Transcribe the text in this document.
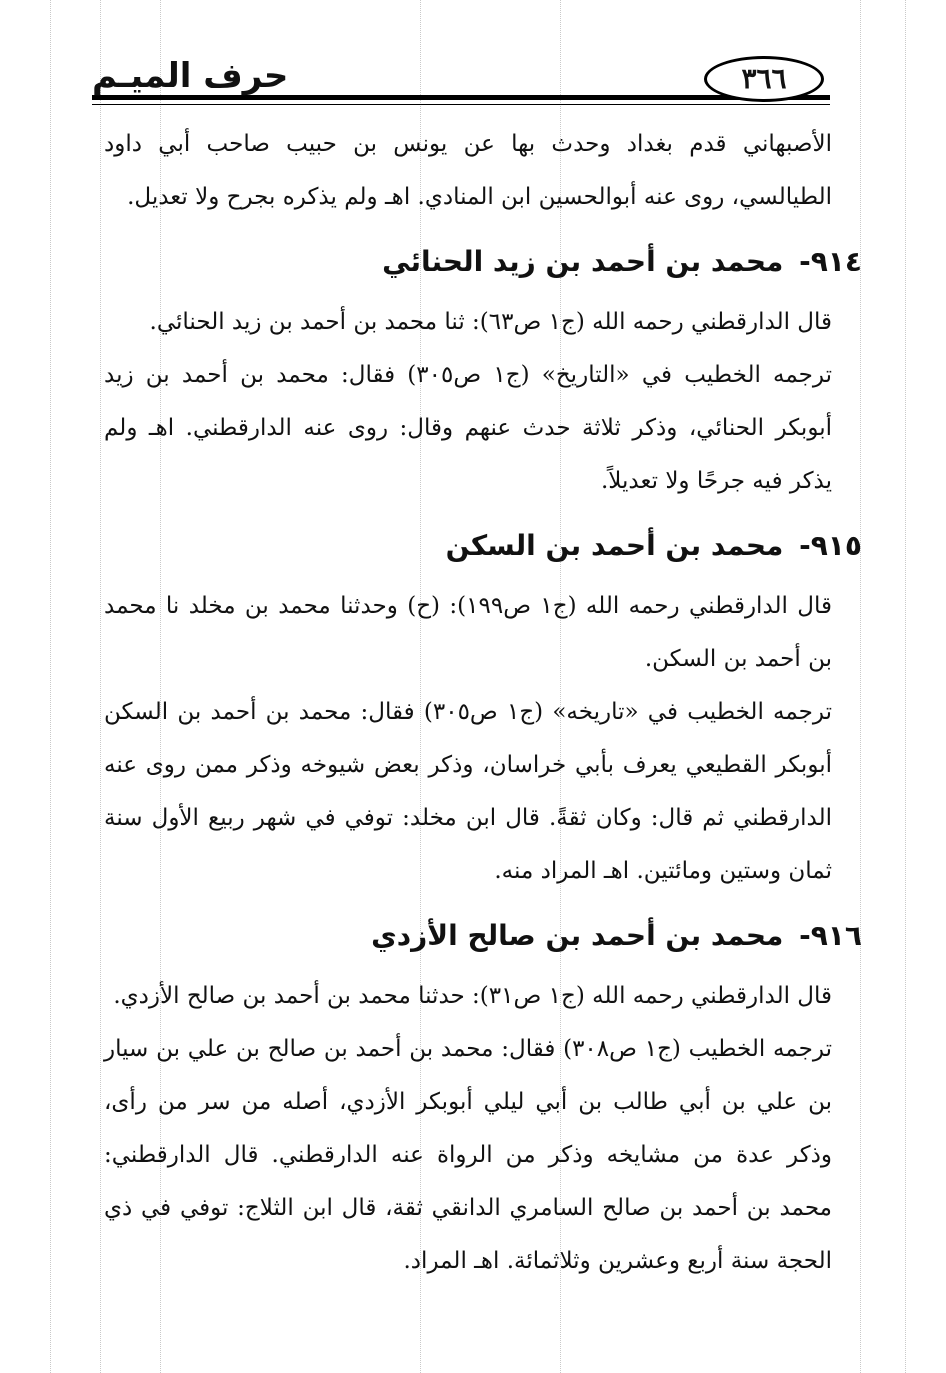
حرف الميـم	٣٦٦

الأصبهاني قدم بغداد وحدث بها عن يونس بن حبيب صاحب أبي داود الطيالسي، روى عنه أبوالحسين ابن المنادي. اهـ ولم يذكره بجرح ولا تعديل.

٩١٤- محمد بن أحمد بن زيد الحنائي

قال الدارقطني رحمه الله (ج١ ص٦٣): ثنا محمد بن أحمد بن زيد الحنائي.

ترجمه الخطيب في «التاريخ» (ج١ ص٣٠٥) فقال: محمد بن أحمد بن زيد أبوبكر الحنائي، وذكر ثلاثة حدث عنهم وقال: روى عنه الدارقطني. اهـ ولم يذكر فيه جرحًا ولا تعديلاً.

٩١٥- محمد بن أحمد بن السكن

قال الدارقطني رحمه الله (ج١ ص١٩٩): (ح) وحدثنا محمد بن مخلد نا محمد بن أحمد بن السكن.

ترجمه الخطيب في «تاريخه» (ج١ ص٣٠٥) فقال: محمد بن أحمد بن السكن أبوبكر القطيعي يعرف بأبي خراسان، وذكر بعض شيوخه وذكر ممن روى عنه الدارقطني ثم قال: وكان ثقةً. قال ابن مخلد: توفي في شهر ربيع الأول سنة ثمان وستين ومائتين. اهـ المراد منه.

٩١٦- محمد بن أحمد بن صالح الأزدي

قال الدارقطني رحمه الله (ج١ ص٣١): حدثنا محمد بن أحمد بن صالح الأزدي.

ترجمه الخطيب (ج١ ص٣٠٨) فقال: محمد بن أحمد بن صالح بن علي بن سيار بن علي بن أبي طالب بن أبي ليلي أبوبكر الأزدي، أصله من سر من رأى، وذكر عدة من مشايخه وذكر من الرواة عنه الدارقطني. قال الدارقطني: محمد بن أحمد بن صالح السامري الدانقي ثقة، قال ابن الثلاج: توفي في ذي الحجة سنة أربع وعشرين وثلاثمائة. اهـ المراد.
